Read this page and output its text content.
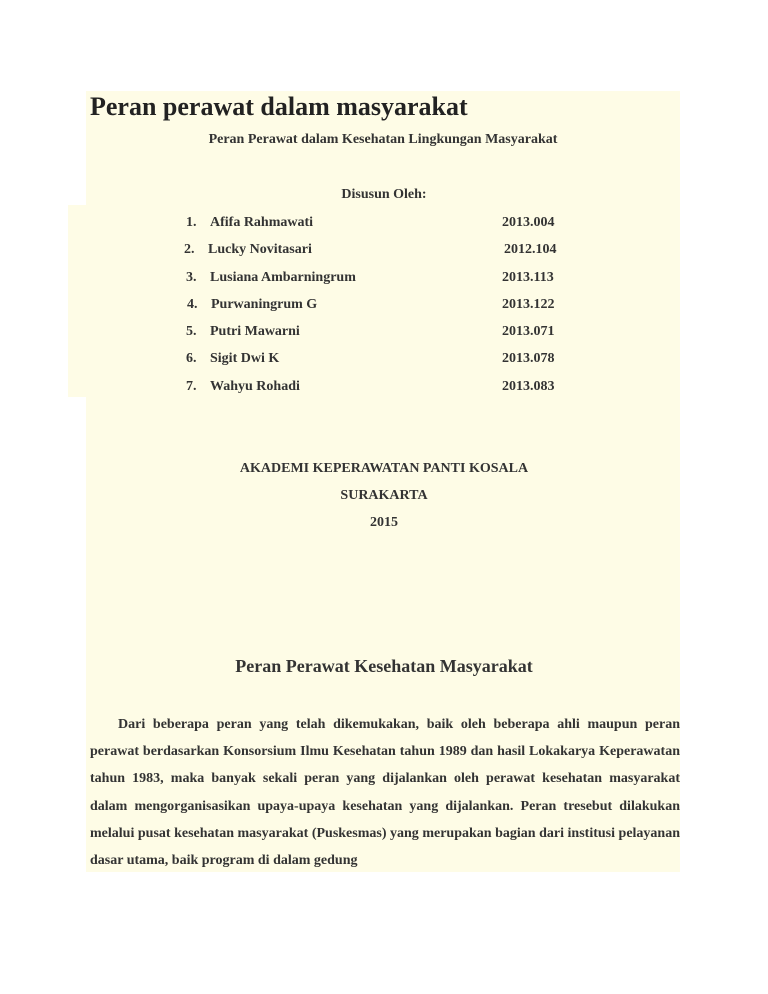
Peran perawat dalam masyarakat
Peran Perawat dalam Kesehatan Lingkungan Masyarakat
Disusun Oleh:
1. Afifa Rahmawati	2013.004
2. Lucky Novitasari	2012.104
3. Lusiana Ambarningrum	2013.113
4. Purwaningrum G	2013.122
5. Putri Mawarni	2013.071
6. Sigit Dwi K	2013.078
7. Wahyu Rohadi	2013.083
AKADEMI KEPERAWATAN PANTI KOSALA
SURAKARTA
2015
Peran Perawat Kesehatan Masyarakat

Dari beberapa peran yang telah dikemukakan, baik oleh beberapa ahli maupun peran perawat berdasarkan Konsorsium Ilmu Kesehatan tahun 1989 dan hasil Lokakarya Keperawatan tahun 1983, maka banyak sekali peran yang dijalankan oleh perawat kesehatan masyarakat dalam mengorganisasikan upaya-upaya kesehatan yang dijalankan. Peran tresebut dilakukan melalui pusat kesehatan masyarakat (Puskesmas) yang merupakan bagian dari institusi pelayanan dasar utama, baik program di dalam gedung
